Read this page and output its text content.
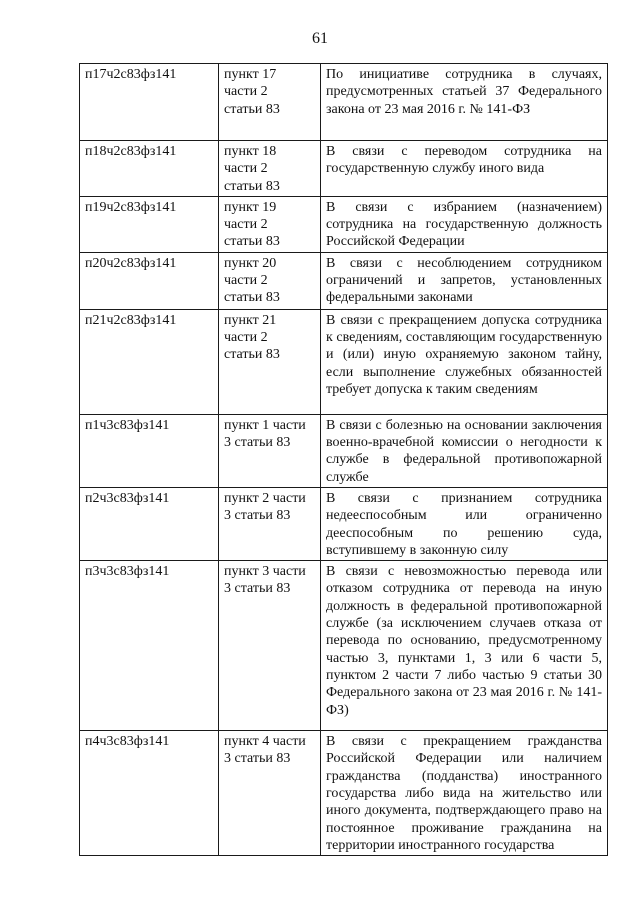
61
п17ч2с83фз141	пункт 17
части 2
статьи 83	По инициативе сотрудника в случаях, предусмотренных статьей 37 Федерального закона от 23 мая 2016 г. № 141-ФЗ
п18ч2с83фз141	пункт 18
части 2
статьи 83	В связи с переводом сотрудника на государственную службу иного вида
п19ч2с83фз141	пункт 19
части 2
статьи 83	В связи с избранием (назначением) сотрудника на государственную должность Российской Федерации
п20ч2с83фз141	пункт 20
части 2
статьи 83	В связи с несоблюдением сотрудником ограничений и запретов, установленных федеральными законами
п21ч2с83фз141	пункт 21
части 2
статьи 83	В связи с прекращением допуска сотрудника к сведениям, составляющим государственную и (или) иную охраняемую законом тайну, если выполнение служебных обязанностей требует допуска к таким сведениям
п1ч3с83фз141	пункт 1 части
3 статьи 83	В связи с болезнью на основании заключения военно-врачебной комиссии о негодности к службе в федеральной противопожарной службе
п2ч3с83фз141	пункт 2 части
3 статьи 83	В связи с признанием сотрудника недееспособным или ограниченно дееспособным по решению суда, вступившему в законную силу
п3ч3с83фз141	пункт 3 части
3 статьи 83	В связи с невозможностью перевода или отказом сотрудника от перевода на иную должность в федеральной противопожарной службе (за исключением случаев отказа от перевода по основанию, предусмотренному частью 3, пунктами 1, 3 или 6 части 5, пунктом 2 части 7 либо частью 9 статьи 30 Федерального закона от 23 мая 2016 г. № 141-ФЗ)
п4ч3с83фз141	пункт 4 части
3 статьи 83	В связи с прекращением гражданства Российской Федерации или наличием гражданства (подданства) иностранного государства либо вида на жительство или иного документа, подтверждающего право на постоянное проживание гражданина на территории иностранного государства
